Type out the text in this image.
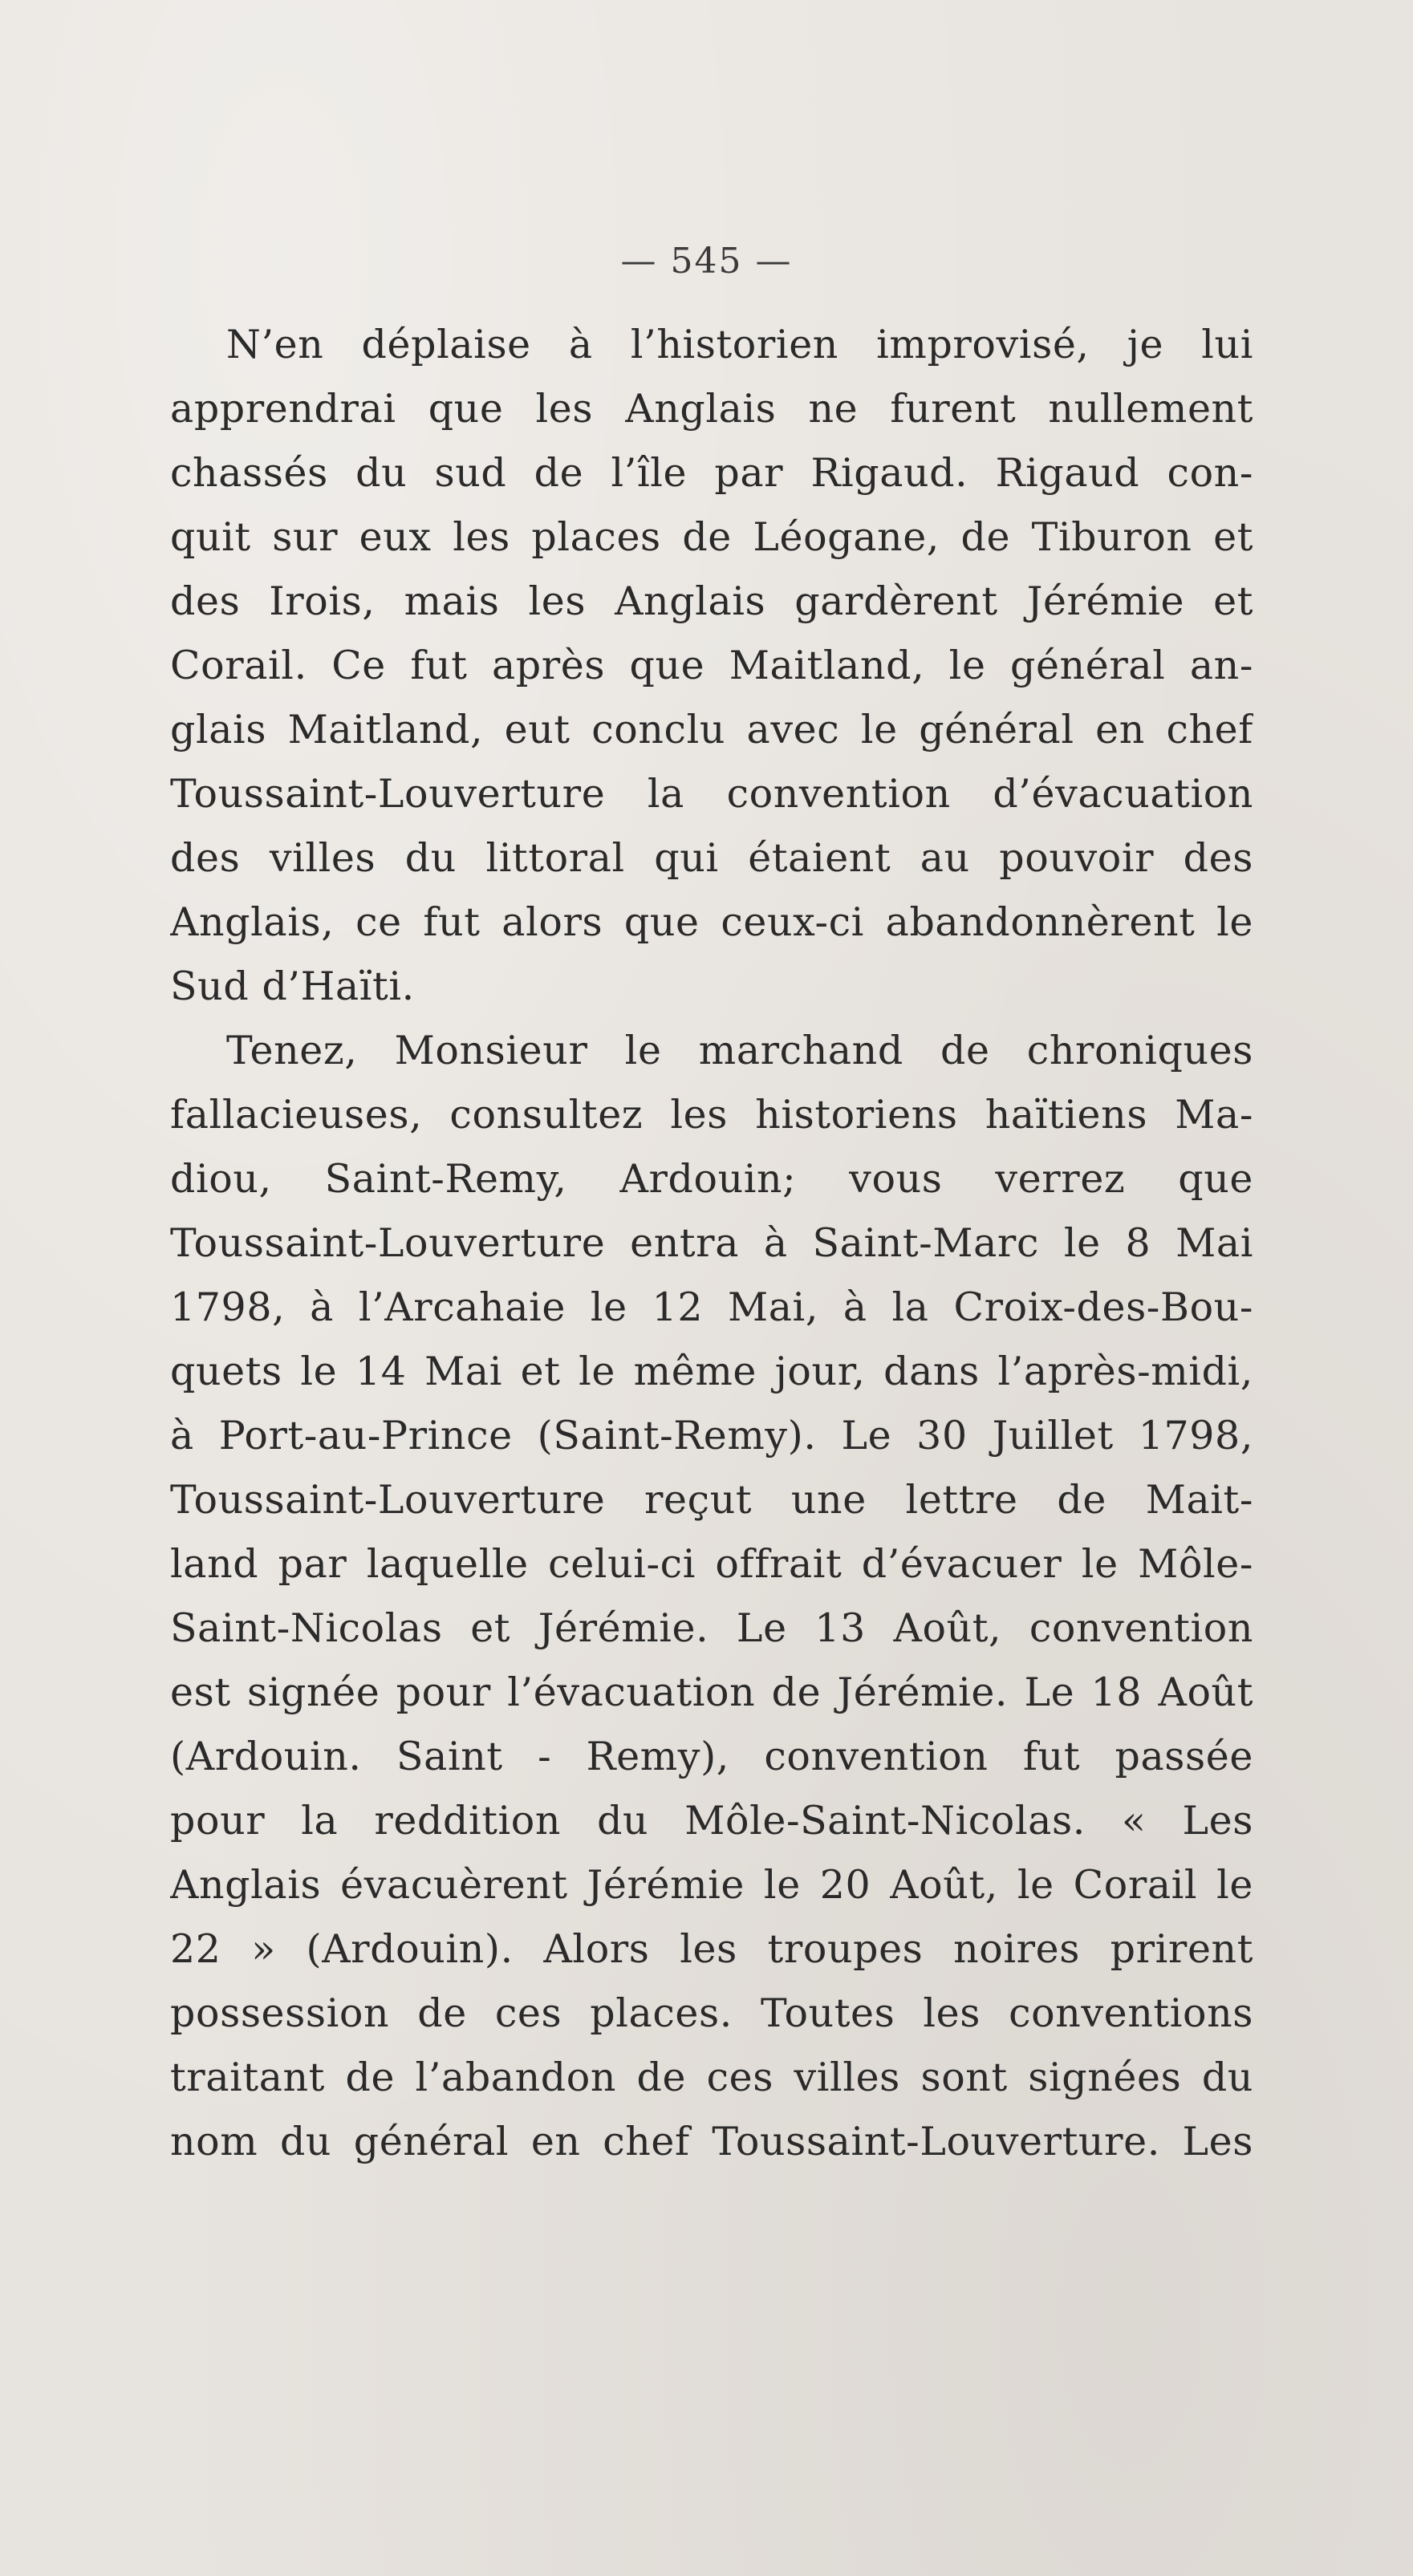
— 545 —
N’en déplaise à l’historien improvisé, je lui
apprendrai que les Anglais ne furent nullement
chassés du sud de l’île par Rigaud. Rigaud con-
quit sur eux les places de Léogane, de Tiburon et
des Irois, mais les Anglais gardèrent Jérémie et
Corail. Ce fut après que Maitland, le général an-
glais Maitland, eut conclu avec le général en chef
Toussaint-Louverture la convention d’évacuation
des villes du littoral qui étaient au pouvoir des
Anglais, ce fut alors que ceux-ci abandonnèrent le
Sud d’Haïti.
Tenez, Monsieur le marchand de chroniques
fallacieuses, consultez les historiens haïtiens Ma-
diou, Saint-Remy, Ardouin; vous verrez que
Toussaint-Louverture entra à Saint-Marc le 8 Mai
1798, à l’Arcahaie le 12 Mai, à la Croix-des-Bou-
quets le 14 Mai et le même jour, dans l’après-midi,
à Port-au-Prince (Saint-Remy). Le 30 Juillet 1798,
Toussaint-Louverture reçut une lettre de Mait-
land par laquelle celui-ci offrait d’évacuer le Môle-
Saint-Nicolas et Jérémie. Le 13 Août, convention
est signée pour l’évacuation de Jérémie. Le 18 Août
(Ardouin. Saint - Remy), convention fut passée
pour la reddition du Môle-Saint-Nicolas. « Les
Anglais évacuèrent Jérémie le 20 Août, le Corail le
22 » (Ardouin). Alors les troupes noires prirent
possession de ces places. Toutes les conventions
traitant de l’abandon de ces villes sont signées du
nom du général en chef Toussaint-Louverture. Les
